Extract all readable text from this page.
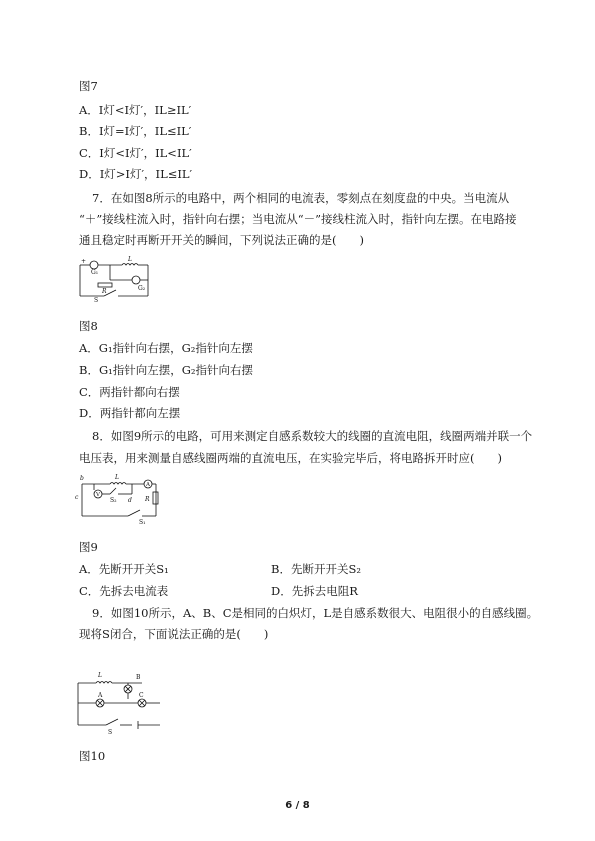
图7
A．I灯<I灯′，IL≥IL′
B．I灯=I灯′，IL≤IL′
C．I灯<I灯′，IL<IL′
D．I灯>I灯′，IL≤IL′
7．在如图8所示的电路中，两个相同的电流表，零刻点在刻度盘的中央。当电流从
“＋”接线柱流入时，指针向右摆；当电流从“－”接线柱流入时，指针向左摆。在电路接
通且稳定时再断开开关的瞬间，下列说法正确的是(　　)
+
G₁
L
G₂
R
S
图8
A．G₁指针向右摆，G₂指针向左摆
B．G₁指针向左摆，G₂指针向右摆
C．两指针都向右摆
D．两指针都向左摆
8．如图9所示的电路，可用来测定自感系数较大的线圈的直流电阻，线圈两端并联一个
电压表，用来测量自感线圈两端的直流电压，在实验完毕后，将电路拆开时应(　　)
b
c
L
V
A
S₂ d R
S₁
图9
A．先断开开关S₁	B．先断开开关S₂
C．先拆去电流表	D．先拆去电阻R
9．如图10所示，A、B、C是相同的白炽灯，L是自感系数很大、电阻很小的自感线圈。
现将S闭合，下面说法正确的是(　　)
L	B
A	C
S
图10
6 / 8
